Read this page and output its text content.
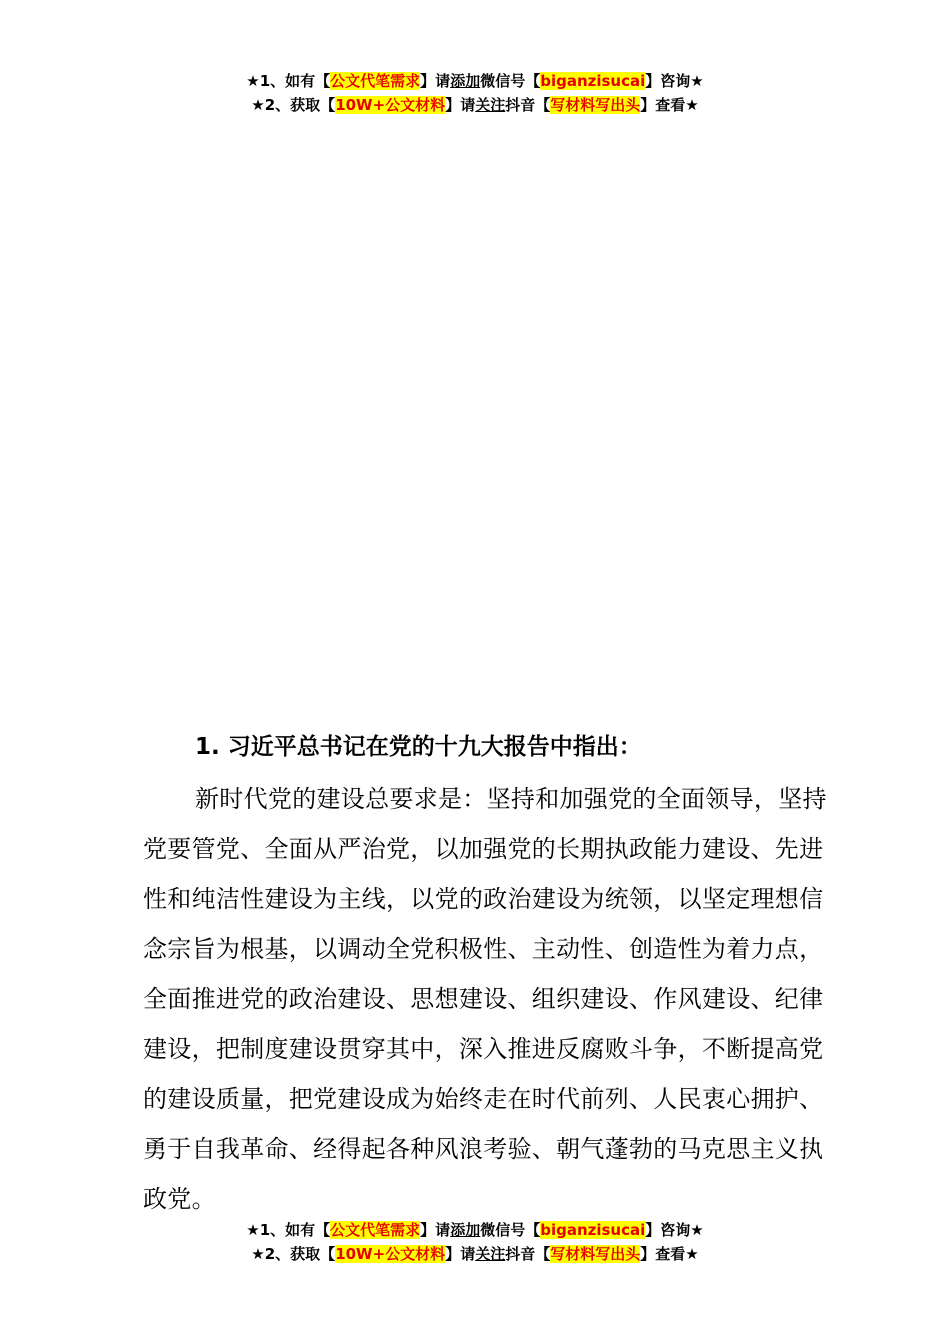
★1、如有【公文代笔需求】请添加微信号【biganzisucai】咨询★
★2、获取【10W+公文材料】请关注抖音【写材料写出头】查看★

1. 习近平总书记在党的十九大报告中指出：

新时代党的建设总要求是：坚持和加强党的全面领导，坚持党要管党、全面从严治党，以加强党的长期执政能力建设、先进性和纯洁性建设为主线，以党的政治建设为统领，以坚定理想信念宗旨为根基，以调动全党积极性、主动性、创造性为着力点，全面推进党的政治建设、思想建设、组织建设、作风建设、纪律建设，把制度建设贯穿其中，深入推进反腐败斗争，不断提高党的建设质量，把党建设成为始终走在时代前列、人民衷心拥护、勇于自我革命、经得起各种风浪考验、朝气蓬勃的马克思主义执政党。

★1、如有【公文代笔需求】请添加微信号【biganzisucai】咨询★
★2、获取【10W+公文材料】请关注抖音【写材料写出头】查看★
